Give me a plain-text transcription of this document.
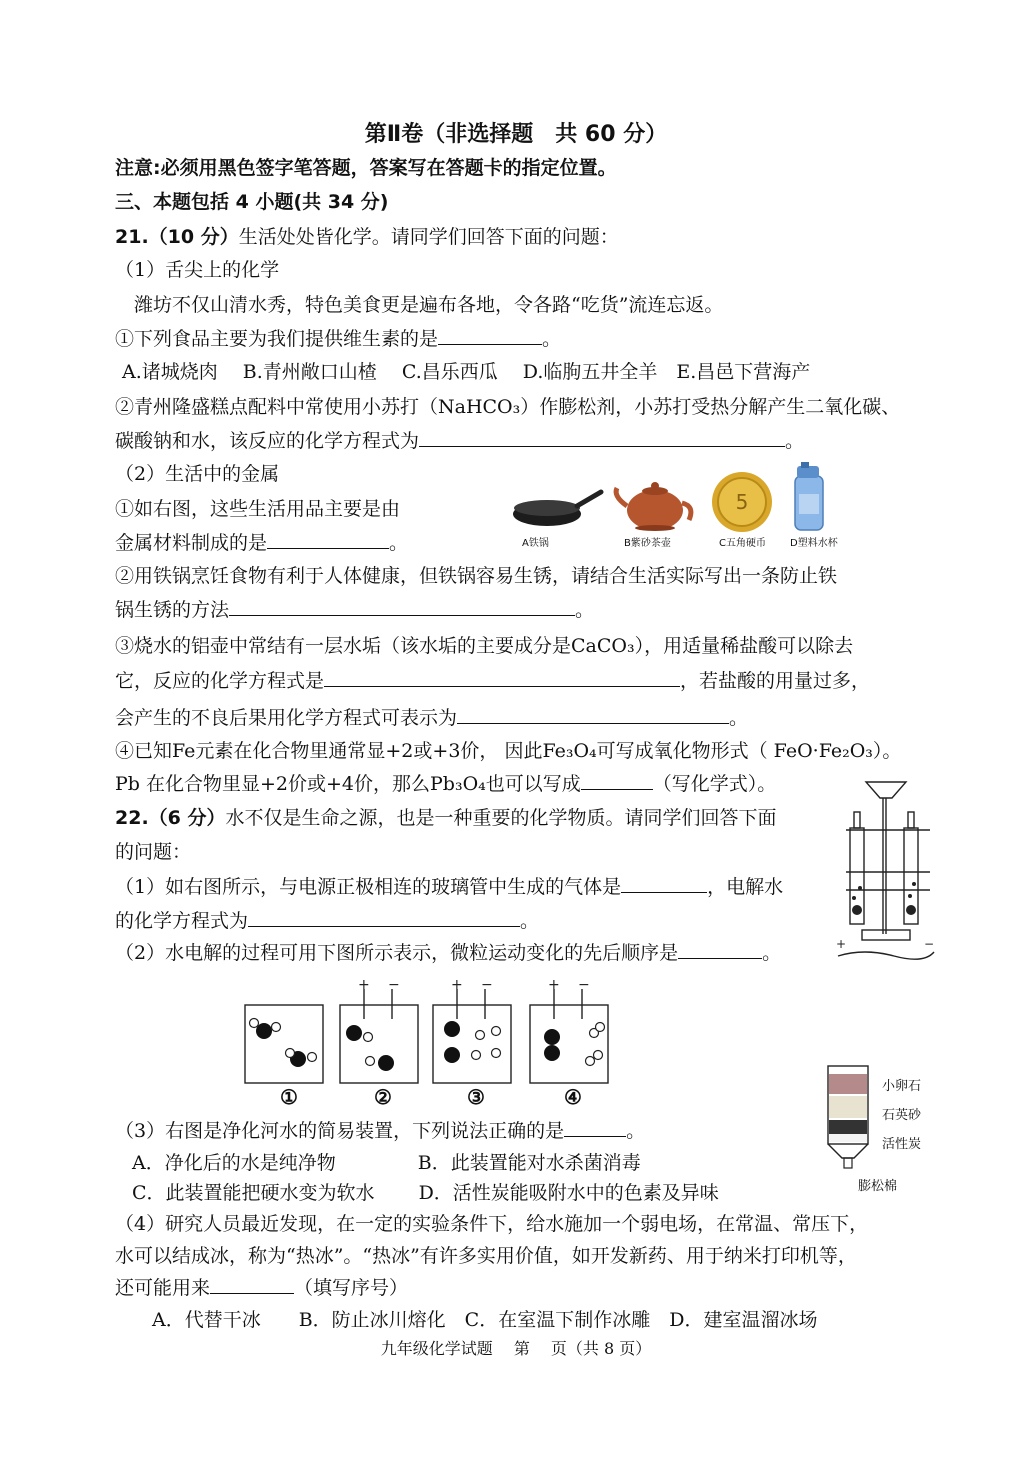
第Ⅱ卷（非选择题　共 60 分）
注意:必须用黑色签字笔答题，答案写在答题卡的指定位置。
三、本题包括 4 小题(共 34 分)
21.（10 分）生活处处皆化学。请同学们回答下面的问题：
（1）舌尖上的化学
潍坊不仅山清水秀，特色美食更是遍布各地，令各路“吃货”流连忘返。
①下列食品主要为我们提供维生素的是	。
A.诸城烧肉　 B.青州敞口山楂　 C.昌乐西瓜　 D.临朐五井全羊　E.昌邑下营海产
②青州隆盛糕点配料中常使用小苏打（NaHCO₃）作膨松剂，小苏打受热分解产生二氧化碳、
碳酸钠和水，该反应的化学方程式为	。
（2）生活中的金属
①如右图，这些生活用品主要是由
金属材料制成的是	。
5
A铁锅	B紫砂茶壶	C五角硬币 D塑料水杯
②用铁锅烹饪食物有利于人体健康，但铁锅容易生锈，请结合生活实际写出一条防止铁
锅生锈的方法	。
③烧水的铝壶中常结有一层水垢（该水垢的主要成分是CaCO₃），用适量稀盐酸可以除去
它，反应的化学方程式是	，若盐酸的用量过多，
会产生的不良后果用化学方程式可表示为	。
④已知Fe元素在化合物里通常显+2或+3价， 因此Fe₃O₄可写成氧化物形式（ FeO·Fe₂O₃）。
Pb 在化合物里显+2价或+4价，那么Pb₃O₄也可以写成	（写化学式）。
22.（6 分）水不仅是生命之源，也是一种重要的化学物质。请同学们回答下面
的问题：
（1）如右图所示，与电源正极相连的玻璃管中生成的气体是	，电解水
的化学方程式为	。
（2）水电解的过程可用下图所示表示，微粒运动变化的先后顺序是	。	+	−
+ −	+ −	+ −
①	②	③	④	小卵石
石英砂
活性炭
膨松棉
（3）右图是净化河水的简易装置，下列说法正确的是	。
A．净化后的水是纯净物　　　　 B．此装置能对水杀菌消毒
C．此装置能把硬水变为软水　　 D．活性炭能吸附水中的色素及异味
（4）研究人员最近发现，在一定的实验条件下，给水施加一个弱电场，在常温、常压下，
水可以结成冰，称为“热冰”。“热冰”有许多实用价值，如开发新药、用于纳米打印机等，
还可能用来	（填写序号）
A．代替干冰　　B．防止冰川熔化　C．在室温下制作冰雕　D．建室温溜冰场
九年级化学试题　 第　 页（共 8 页）
